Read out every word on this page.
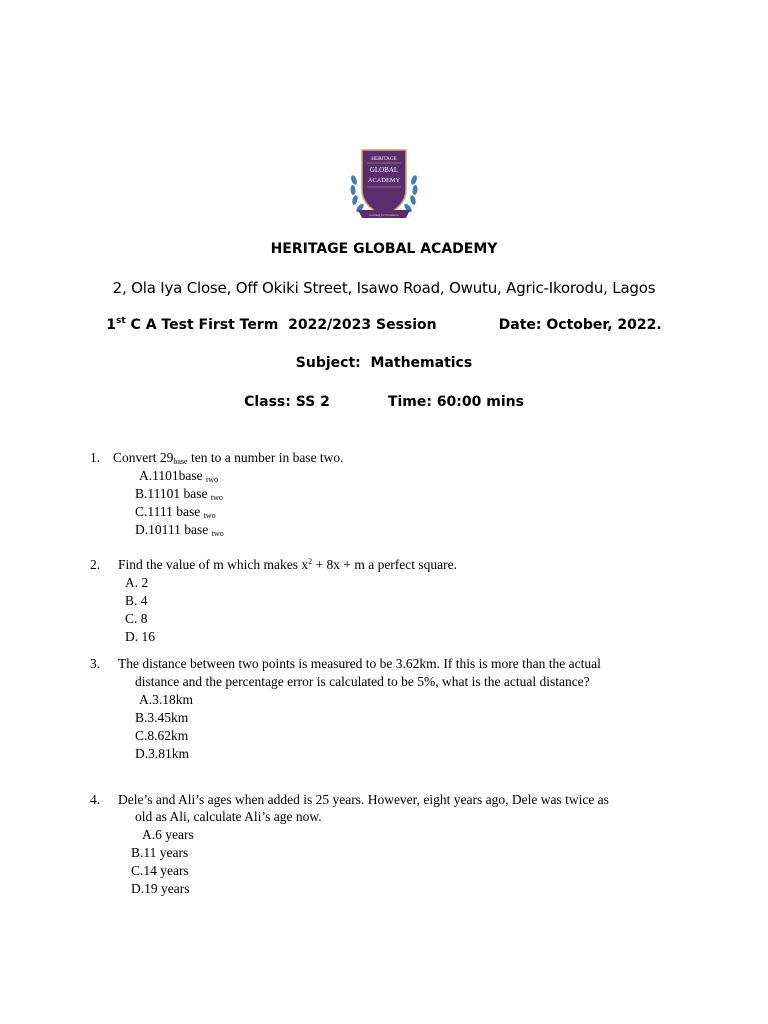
HERITAGE
GLOBAL
ACADEMY
Learning for Excellence
HERITAGE GLOBAL ACADEMY
2, Ola Iya Close, Off Okiki Street, Isawo Road, Owutu, Agric-Ikorodu, Lagos
1st C A Test First Term  2022/2023 Session	Date: October, 2022.
Subject:  Mathematics
Class: SS 2	Time: 60:00 mins
1. Convert $29_{base}$ ten to a number in base two.
A.1101base $_{two}$
B.11101 base $_{two}$
C.1111 base $_{two}$
D.10111 base $_{two}$
2. Find the value of m which makes $x^2 + 8x + m$ a perfect square.
A. 2
B. 4
C. 8
D. 16
3. The distance between two points is measured to be 3.62km. If this is more than the actual
distance and the percentage error is calculated to be 5%, what is the actual distance?
A.3.18km
B.3.45km
C.8.62km
D.3.81km
4. Dele’s and Ali’s ages when added is 25 years. However, eight years ago, Dele was twice as
old as Ali, calculate Ali’s age now.
A.6 years
B.11 years
C.14 years
D.19 years
